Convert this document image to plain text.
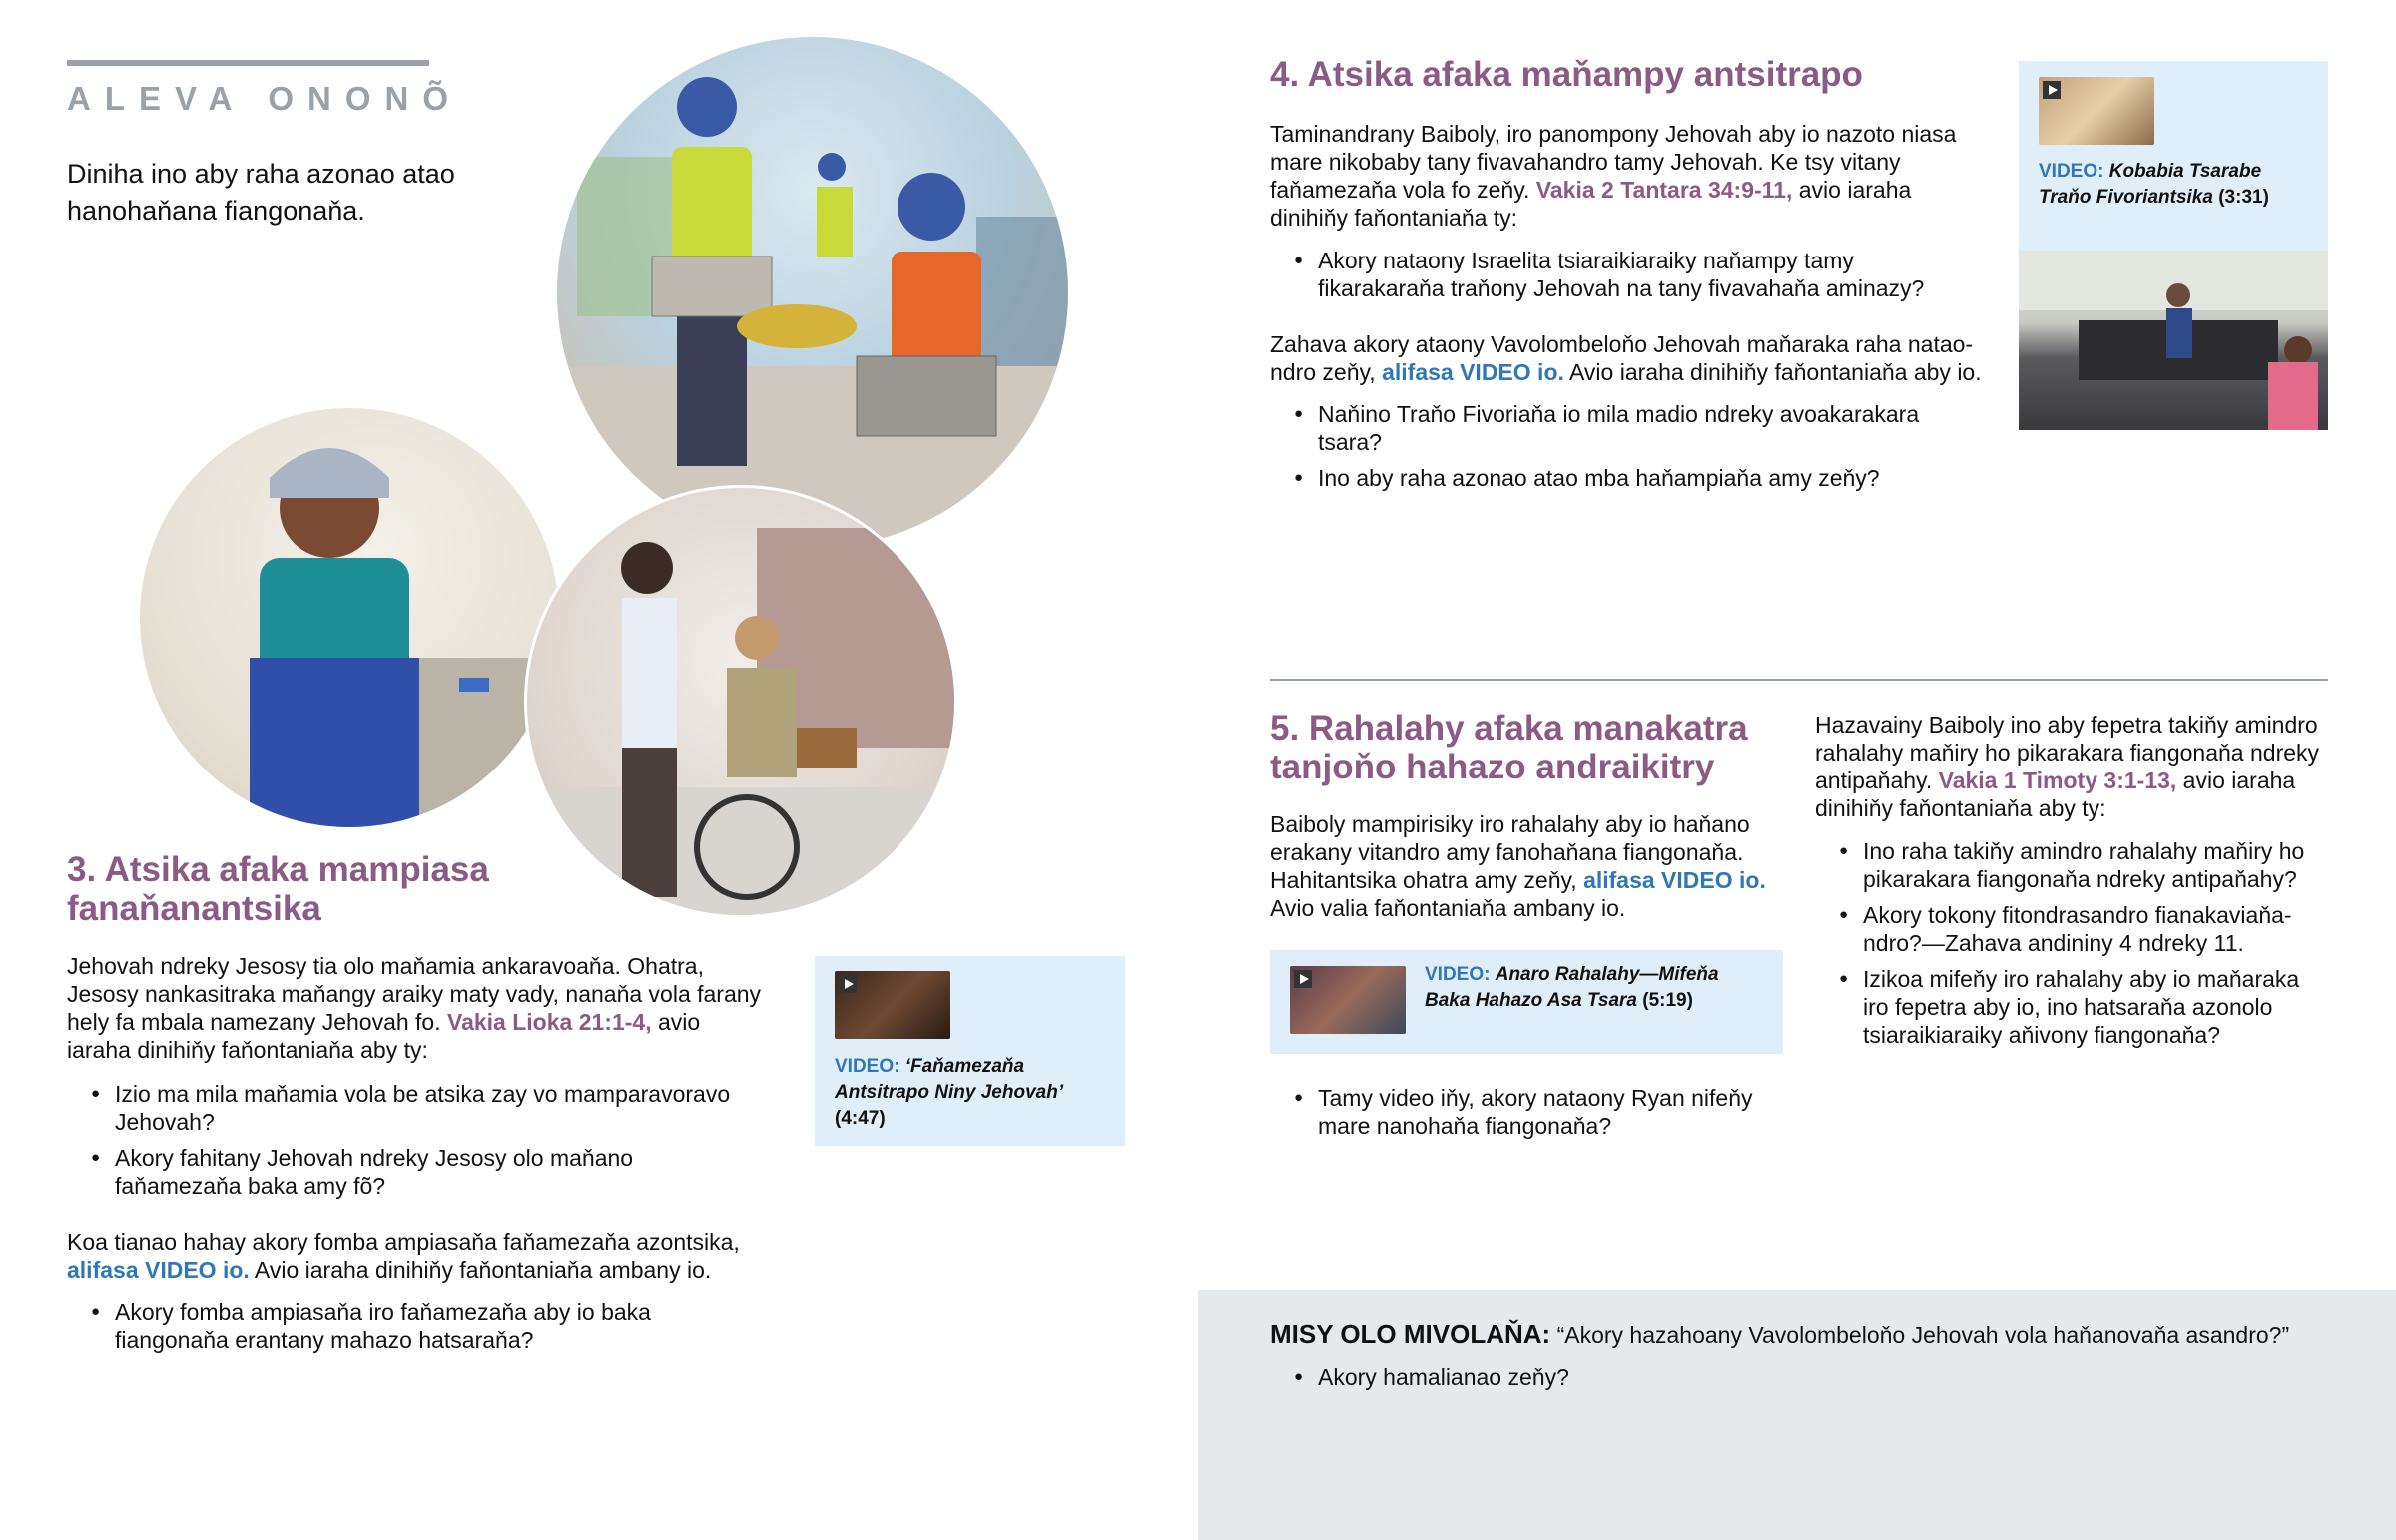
ALEVA ONONÕ
Diniha ino aby raha azonao atao hanohaňana fiangonaňa.
3. Atsika afaka mampiasa fanaňanantsika
Jehovah ndreky Jesosy tia olo maňamia ankaravoaňa. Ohatra, Jesosy nankasitraka maňangy araiky maty vady, nanaňa vola farany hely fa mbala namezany Jehovah fo. Vakia Lioka 21:1-4, avio iaraha dinihiňy faňontaniaňa aby ty:
● Izio ma mila maňamia vola be atsika zay vo mamparavoravo Jehovah?
● Akory fahitany Jehovah ndreky Jesosy olo maňano faňamezaňa baka amy fõ?
Koa tianao hahay akory fomba ampiasaňa faňamezaňa azontsika, alifasa VIDEO io. Avio iaraha dinihiňy faňontaniaňa ambany io.
● Akory fomba ampiasaňa iro faňamezaňa aby io baka fiangonaňa erantany mahazo hatsaraňa?
VIDEO: ‘Faňamezaňa Antsitrapo Niny Jehovah’
(4:47)
4. Atsika afaka maňampy antsitrapo
Taminandrany Baiboly, iro panompony Jehovah aby io nazoto niasa mare nikobaby tany fivavahandro tamy Jehovah. Ke tsy vitany faňamezaňa vola fo zeňy. Vakia 2 Tantara 34:9-11, avio iaraha dinihiňy faňontaniaňa ty:
● Akory nataony Israelita tsiaraikiaraiky naňampy tamy fikarakaraňa traňony Jehovah na tany fivavahaňa aminazy?
Zahava akory ataony Vavolombeloňo Jehovah maňaraka raha nataondro zeňy, alifasa VIDEO io. Avio iaraha dinihiňy faňontaniaňa aby io.
● Naňino Traňo Fivoriaňa io mila madio ndreky avoakarakara tsara?
● Ino aby raha azonao atao mba haňampiaňa amy zeňy?
VIDEO: Kobabia Tsarabe Traňo Fivoriantsika (3:31)
5. Rahalahy afaka manakatra tanjoňo hahazo andraikitry
Baiboly mampirisiky iro rahalahy aby io haňano erakany vitandro amy fanohaňana fiangonaňa. Hahitantsika ohatra amy zeňy, alifasa VIDEO io. Avio valia faňontaniaňa ambany io.
VIDEO: Anaro Rahalahy—Mifeňa Baka Hahazo Asa Tsara (5:19)
● Tamy video iňy, akory nataony Ryan nifeňy mare nanohaňa fiangonaňa?
Hazavainy Baiboly ino aby fepetra takiňy amindro rahalahy maňiry ho pikarakara fiangonaňa ndreky antipaňahy. Vakia 1 Timoty 3:1-13, avio iaraha dinihiňy faňontaniaňa aby ty:
● Ino raha takiňy amindro rahalahy maňiry ho pikarakara fiangonaňa ndreky antipaňahy?
● Akory tokony fitondrasandro fianakaviaňandro?—Zahava andininy 4 ndreky 11.
● Izikoa mifeňy iro rahalahy aby io maňaraka iro fepetra aby io, ino hatsaraňa azonolo tsiaraikiaraiky aňivony fiangonaňa?
MISY OLO MIVOLAŇA: “Akory hazahoany Vavolombeloňo Jehovah vola haňanovaňa asandro?”
● Akory hamalianao zeňy?
